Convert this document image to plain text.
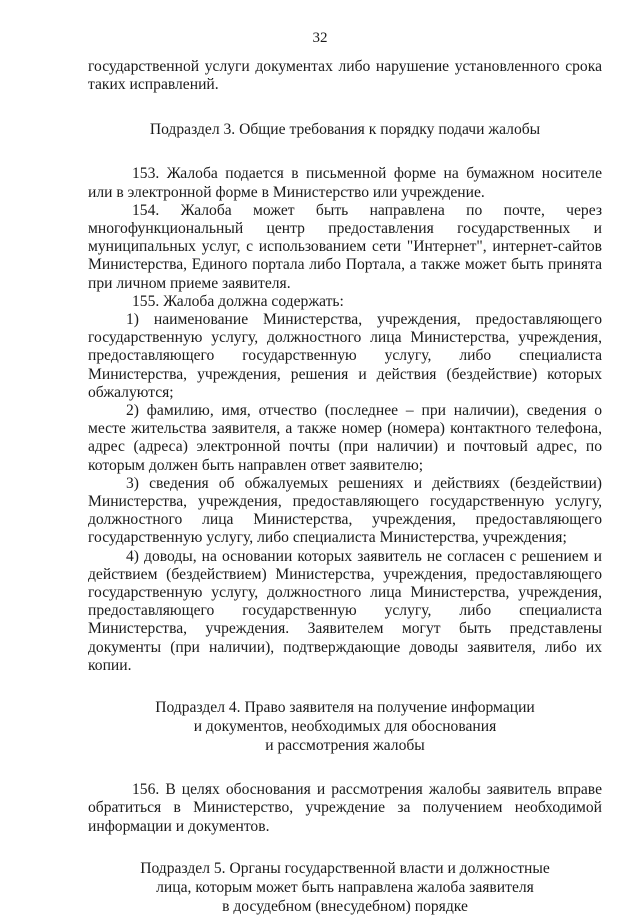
32

государственной услуги документах либо нарушение установленного срока таких исправлений.

Подраздел 3. Общие требования к порядку подачи жалобы

153. Жалоба подается в письменной форме на бумажном носителе или в электронной форме в Министерство или учреждение.

154. Жалоба может быть направлена по почте, через многофункциональный центр предоставления государственных и муниципальных услуг, с использованием сети "Интернет", интернет-сайтов Министерства, Единого портала либо Портала, а также может быть принята при личном приеме заявителя.

155. Жалоба должна содержать:

1) наименование Министерства, учреждения, предоставляющего государственную услугу, должностного лица Министерства, учреждения, предоставляющего государственную услугу, либо специалиста Министерства, учреждения, решения и действия (бездействие) которых обжалуются;

2) фамилию, имя, отчество (последнее – при наличии), сведения о месте жительства заявителя, а также номер (номера) контактного телефона, адрес (адреса) электронной почты (при наличии) и почтовый адрес, по которым должен быть направлен ответ заявителю;

3) сведения об обжалуемых решениях и действиях (бездействии) Министерства, учреждения, предоставляющего государственную услугу, должностного лица Министерства, учреждения, предоставляющего государственную услугу, либо специалиста Министерства, учреждения;

4) доводы, на основании которых заявитель не согласен с решением и действием (бездействием) Министерства, учреждения, предоставляющего государственную услугу, должностного лица Министерства, учреждения, предоставляющего государственную услугу, либо специалиста Министерства, учреждения. Заявителем могут быть представлены документы (при наличии), подтверждающие доводы заявителя, либо их копии.

Подраздел 4. Право заявителя на получение информации

и документов, необходимых для обоснования

и рассмотрения жалобы

156. В целях обоснования и рассмотрения жалобы заявитель вправе обратиться в Министерство, учреждение за получением необходимой информации и документов.

Подраздел 5. Органы государственной власти и должностные

лица, которым может быть направлена жалоба заявителя

в досудебном (внесудебном) порядке
